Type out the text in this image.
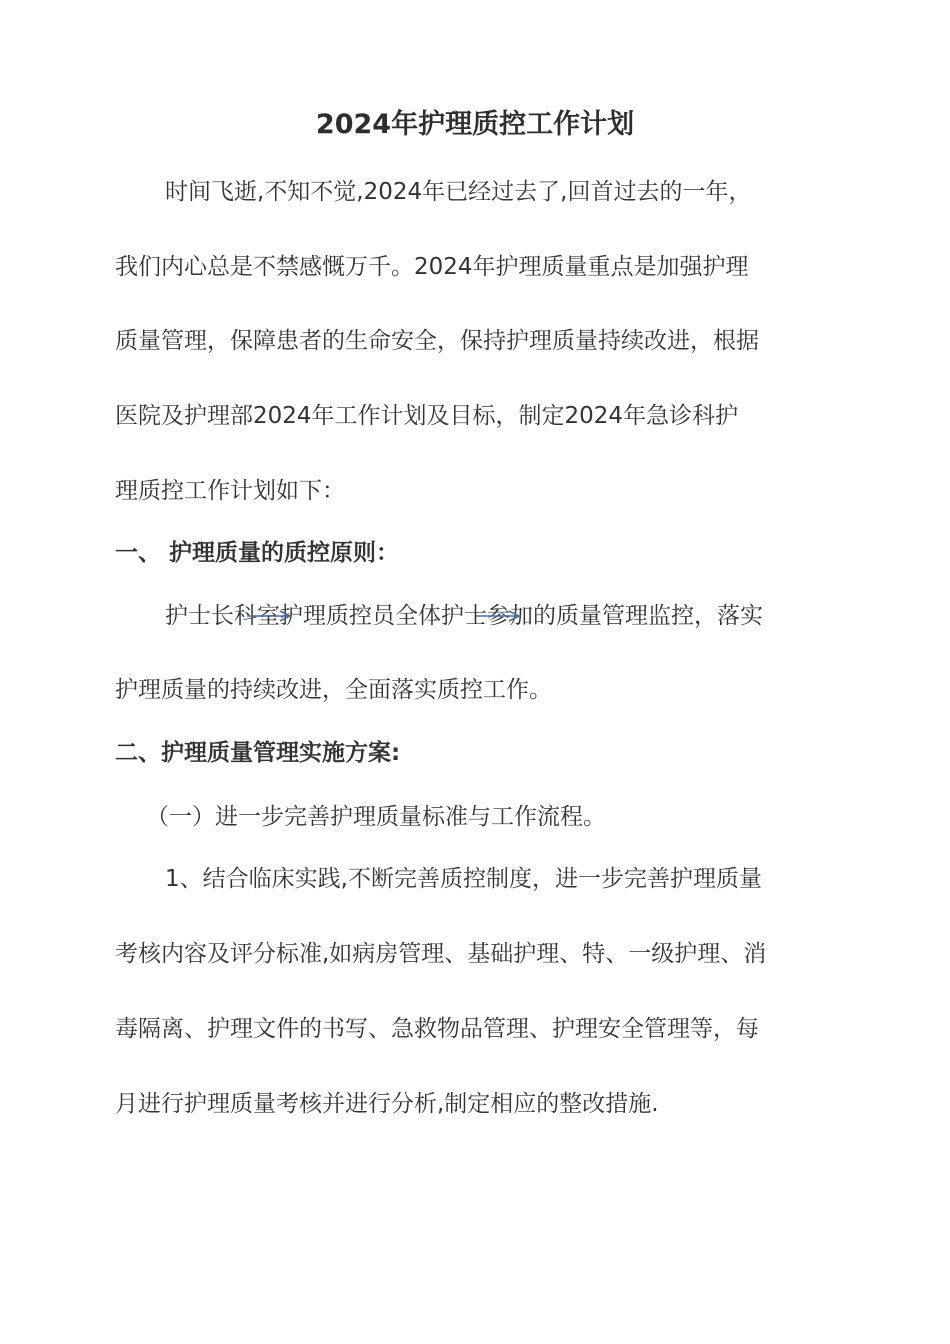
2024年护理质控工作计划
时间飞逝,不知不觉,2024年已经过去了,回首过去的一年，
我们内心总是不禁感慨万千。2024年护理质量重点是加强护理
质量管理，保障患者的生命安全，保持护理质量持续改进，根据
医院及护理部2024年工作计划及目标，制定2024年急诊科护
理质控工作计划如下：
一、 护理质量的质控原则：
护士长科室护理质控员全体护士参加的质量管理监控，落实
护理质量的持续改进，全面落实质控工作。
二、护理质量管理实施方案:
（一）进一步完善护理质量标准与工作流程。
1、结合临床实践,不断完善质控制度，进一步完善护理质量
考核内容及评分标准,如病房管理、基础护理、特、一级护理、消
毒隔离、护理文件的书写、急救物品管理、护理安全管理等，每
月进行护理质量考核并进行分析,制定相应的整改措施.
